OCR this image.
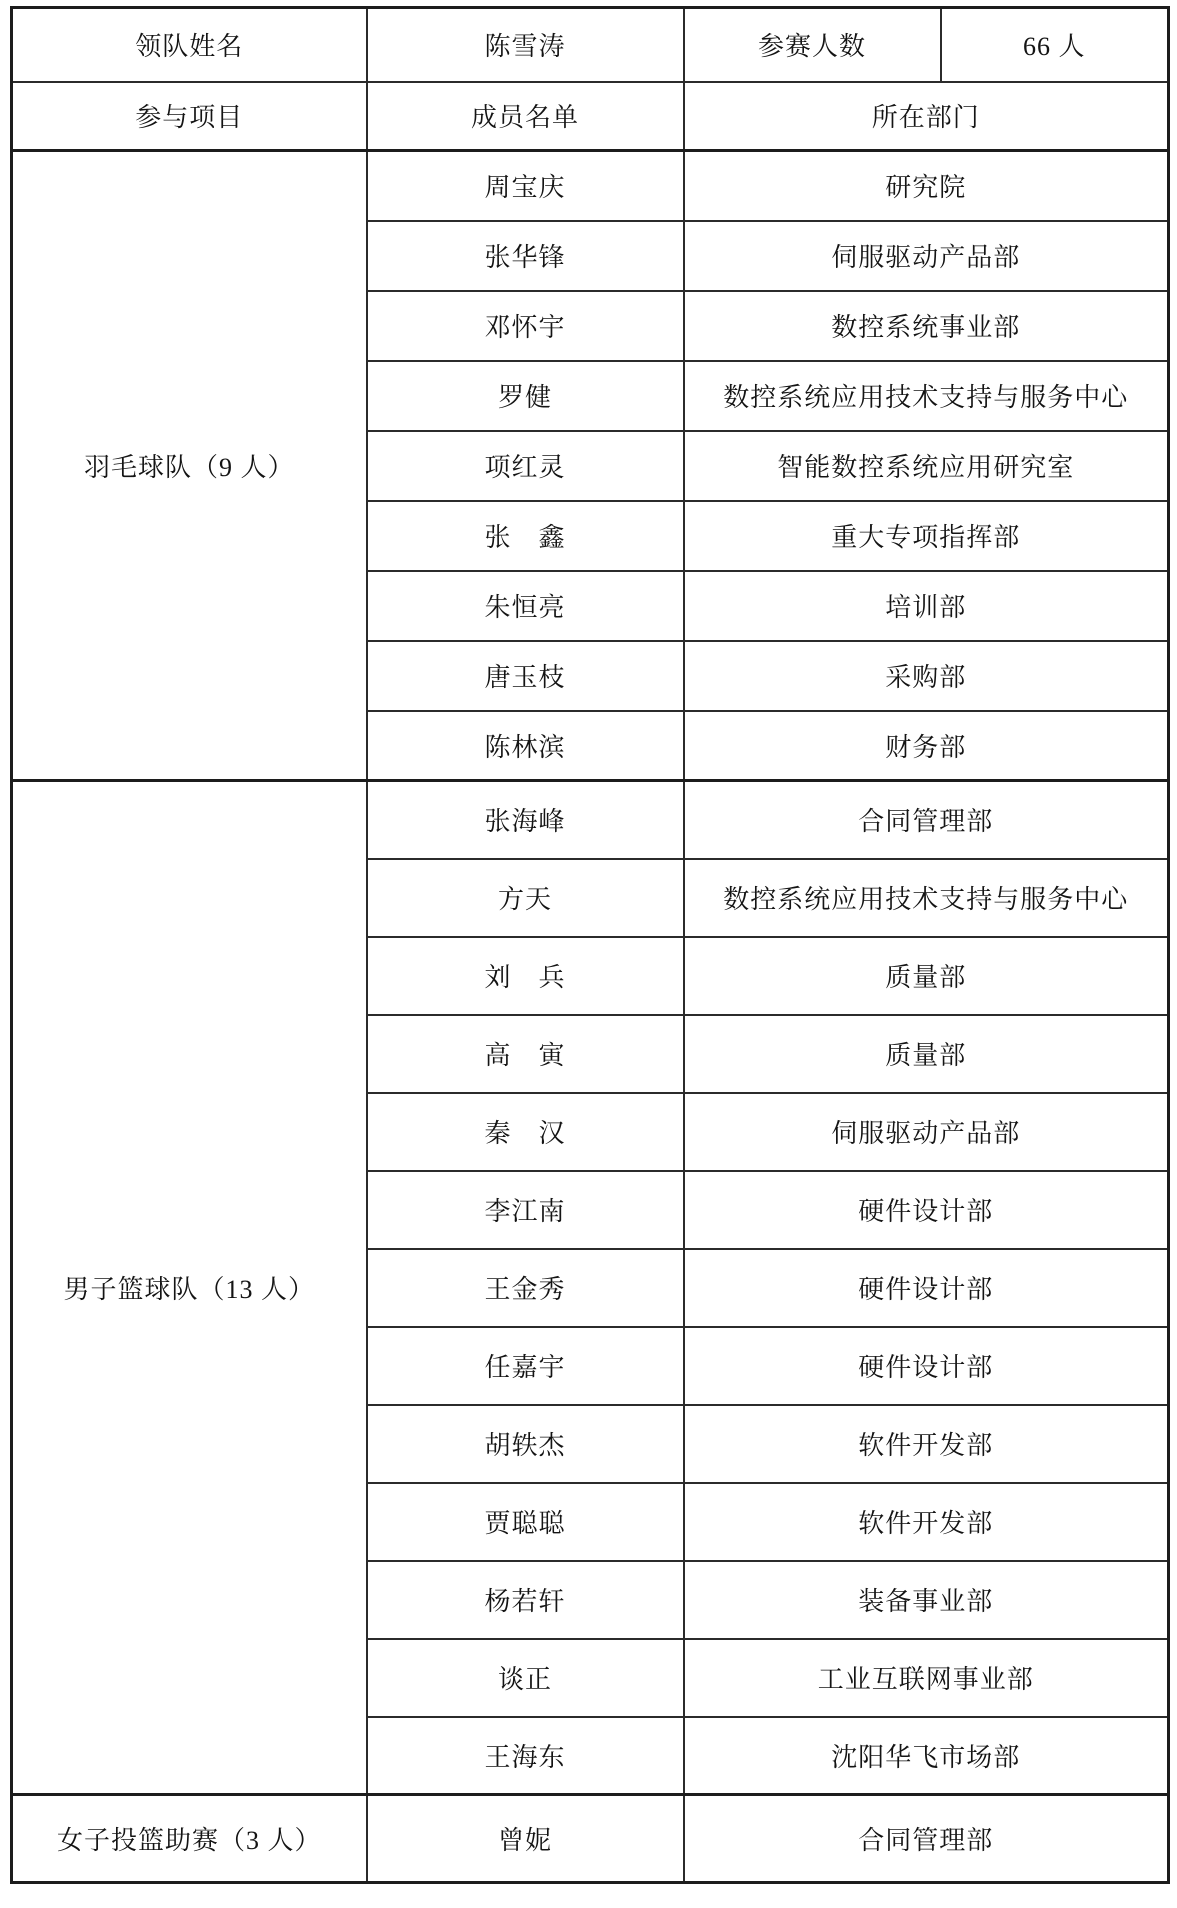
领队姓名	陈雪涛	参赛人数	66 人
参与项目	成员名单	所在部门	
羽毛球队（9 人）	周宝庆	研究院	
	张华锋	伺服驱动产品部	
	邓怀宇	数控系统事业部	
	罗健	数控系统应用技术支持与服务中心	
	项红灵	智能数控系统应用研究室	
	张　鑫	重大专项指挥部	
	朱恒亮	培训部	
	唐玉枝	采购部	
	陈林滨	财务部	
男子篮球队（13 人）	张海峰	合同管理部	
	方天	数控系统应用技术支持与服务中心	
	刘　兵	质量部	
	高　寅	质量部	
	秦　汉	伺服驱动产品部	
	李江南	硬件设计部	
	王金秀	硬件设计部	
	任嘉宇	硬件设计部	
	胡轶杰	软件开发部	
	贾聪聪	软件开发部	
	杨若轩	装备事业部	
	谈正	工业互联网事业部	
	王海东	沈阳华飞市场部	
女子投篮助赛（3 人）	曾妮	合同管理部	
